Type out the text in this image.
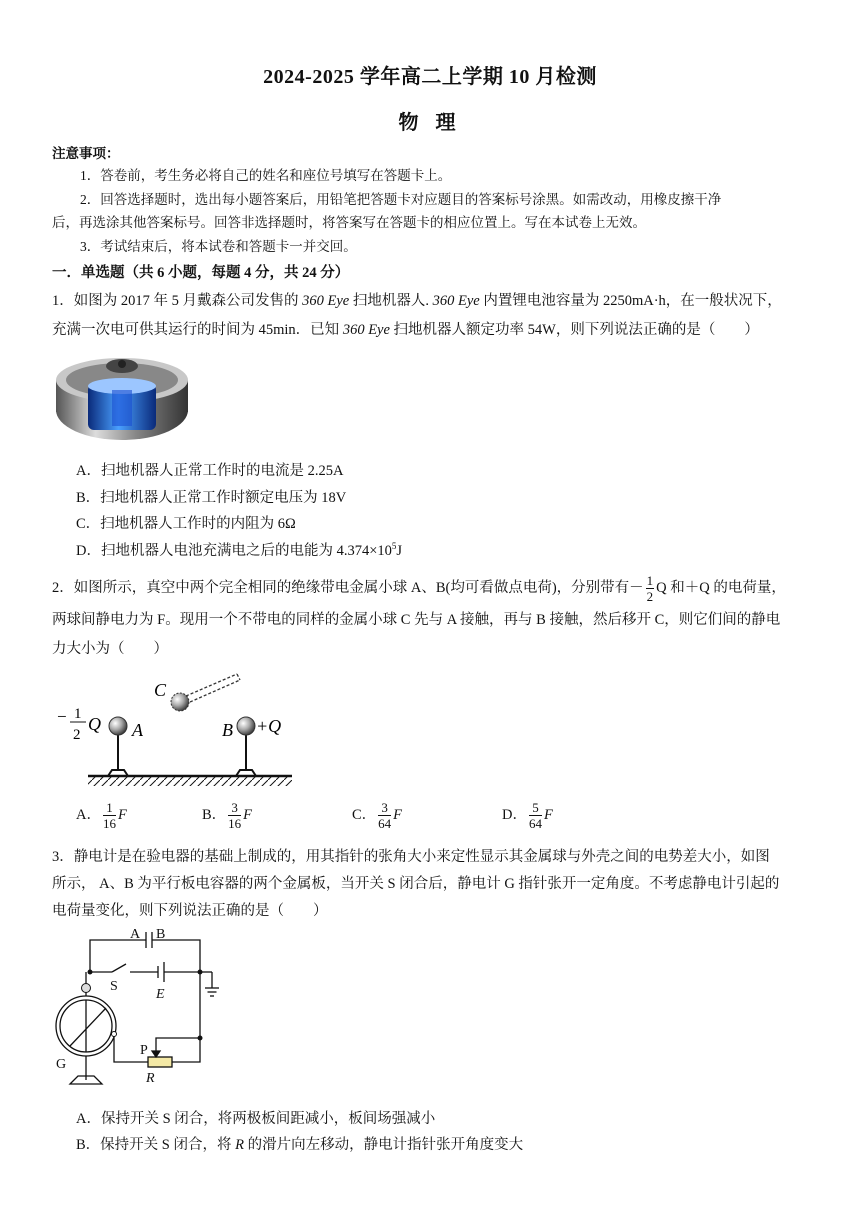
2024-2025 学年高二上学期 10 月检测
物 理
注意事项：
1．答卷前，考生务必将自己的姓名和座位号填写在答题卡上。
2．回答选择题时，选出每小题答案后，用铅笔把答题卡对应题目的答案标号涂黑。如需改动，用橡皮擦干净
后，再选涂其他答案标号。回答非选择题时，将答案写在答题卡的相应位置上。写在本试卷上无效。
3．考试结束后，将本试卷和答题卡一并交回。
一．单选题（共 6 小题，每题 4 分，共 24 分）
1．如图为 2017 年 5 月戴森公司发售的 360 Eye 扫地机器人. 360 Eye 内置锂电池容量为 2250mA·h，在一般状况下，
充满一次电可供其运行的时间为 45min．已知 360 Eye 扫地机器人额定功率 54W，则下列说法正确的是（　　）
A．扫地机器人正常工作时的电流是 2.25A
B．扫地机器人正常工作时额定电压为 18V
C．扫地机器人工作时的内阻为 6Ω
D．扫地机器人电池充满电之后的电能为 $4.374\times 10^5J$
2．如图所示，真空中两个完全相同的绝缘带电金属小球 A、B(均可看做点电荷)，分别带有－ $\frac{1}{2}$ Q 和＋Q 的电荷量，
两球间静电力为 F。现用一个不带电的同样的金属小球 C 先与 A 接触，再与 B 接触，然后移开 C，则它们间的静电
力大小为（　　）
− 1
2
Q A	B +Q
C
A． $\frac{1}{16}$ F	B． $\frac{3}{16}$ F	C． $\frac{3}{64}$ F	D． $\frac{5}{64}$ F
3．静电计是在验电器的基础上制成的，用其指针的张角大小来定性显示其金属球与外壳之间的电势差大小，如图
所示， A、B 为平行板电容器的两个金属板，当开关 S 闭合后，静电计 G 指针张开一定角度。不考虑静电计引起的
电荷量变化，则下列说法正确的是（　　）
A B
S
E
G
P
R
A．保持开关 S 闭合，将两极板间距减小，板间场强减小
B．保持开关 S 闭合，将 R 的滑片向左移动，静电计指针张开角度变大
